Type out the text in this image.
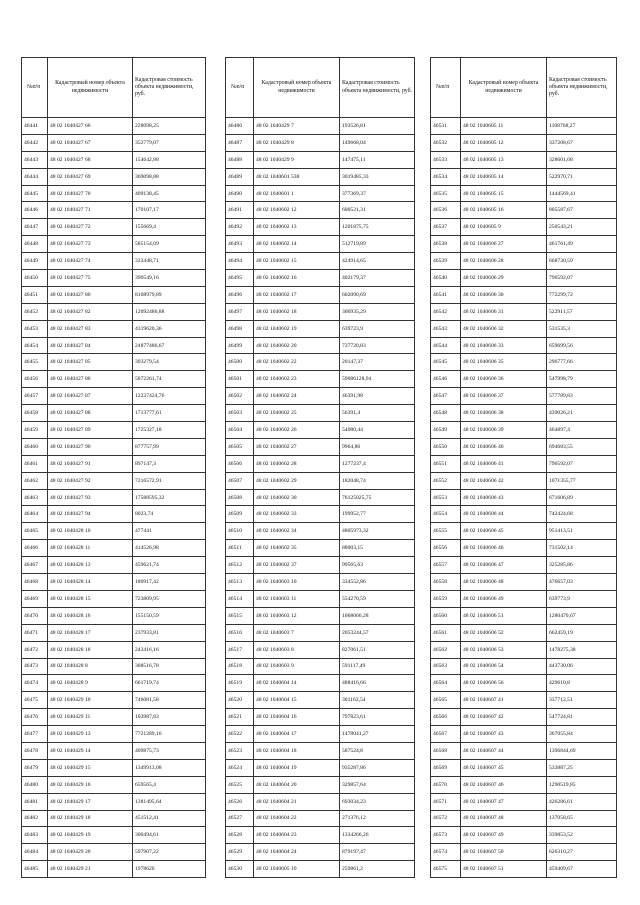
№п/п	Кадастровый номер объекта недвижимости	Кадастровая стоимость объекта недвижимости, руб.
46441	48 02 1040427 66	228098,25
46442	48 02 1040427 67	352779,07
46443	48 02 1040427 68	154642,88
46444	48 02 1040427 69	369098,88
46445	48 02 1040427 70	409138,45
46446	48 02 1040427 71	170107,17
46447	48 02 1040427 72	155669,4
46448	48 02 1040427 73	585154,09
46449	48 02 1040427 74	333448,71
46450	48 02 1040427 75	390549,16
46451	48 02 1040427 80	8108979,89
46452	48 02 1040427 82	12092486,88
46453	48 02 1040427 83	4319620,36
46454	48 02 1040427 84	24877486,67
46455	48 02 1040427 85	393279,54
46456	48 02 1040427 86	5872261,74
46457	48 02 1040427 87	12237424,76
46458	48 02 1040427 88	1713777,61
46459	48 02 1040427 89	1725327,18
46460	48 02 1040427 90	877757,99
46461	48 02 1040427 91	897147,3
46462	48 02 1040427 92	7216572,91
46463	48 02 1040427 93	17588595,32
46464	48 02 1040427 94	8023,74
46465	48 02 1040428 10	477441
46466	48 02 1040428 11	414526,98
46467	48 02 1040428 13	459621,74
46468	48 02 1040428 14	180917,42
46469	48 02 1040428 15	723809,95
46470	48 02 1040428 16	155150,59
46471	48 02 1040428 17	237933,81
46472	48 02 1040428 18	243416,16
46473	48 02 1040428 8	308516,78
46474	48 02 1040428 9	661719,74
46475	48 02 1040429 10	746081,58
46476	48 02 1040429 11	103987,83
46477	48 02 1040429 13	7721289,16
46478	48 02 1040429 14	409875,73
46479	48 02 1040429 15	1349913,08
46480	48 02 1040429 16	659565,4
46481	48 02 1040429 17	1381495,64
46482	48 02 1040429 18	451512,41
46483	48 02 1040429 19	300494,61
46484	48 02 1040429 20	597907,22
46485	48 02 1040429 21	1978620
№п/п	Кадастровый номер объекта недвижимости	Кадастровая стоимость объекта недвижимости, руб.
46486	48 02 1040429 7	193526,81
46487	48 02 1040429 8	149668,04
46488	48 02 1040429 9	147475,11
46489	48 02 1040601 538	3019485,33
46490	48 02 1040601 1	377369,37
46491	48 02 1040602 12	600521,31
46492	48 02 1040602 13	1201875,75
46493	48 02 1040602 14	512719,89
46494	48 02 1040602 15	424914,65
46495	48 02 1040602 16	402179,37
46496	48 02 1040602 17	602090,69
46497	48 02 1040602 18	306935,29
46498	48 02 1040602 19	639723,9
46499	48 02 1040602 20	737720,83
46500	48 02 1040602 22	20147,37
46501	48 02 1040602 23	59086128,94
46502	48 02 1040602 24	46391,98
46503	48 02 1040602 25	56391,4
46504	48 02 1040602 26	54080,44
46505	48 02 1040602 27	9964,86
46506	48 02 1040602 28	1277237,4
46507	48 02 1040602 29	182048,74
46508	48 02 1040602 30	76125025,75
46509	48 02 1040602 33	199952,77
46510	48 02 1040602 34	4805973,32
46511	48 02 1040602 35	88003,15
46512	48 02 1040602 37	99565,63
46513	48 02 1040603 10	334552,86
46514	48 02 1040603 11	554270,59
46515	48 02 1040603 12	1068066,28
46516	48 02 1040603 7	2053244,57
46517	48 02 1040603 8	827061,51
46518	48 02 1040603 9	591117,49
46519	48 02 1040604 14	488416,66
46520	48 02 1040604 15	301163,54
46521	48 02 1040604 16	797823,61
46522	48 02 1040604 17	1478041,27
46523	48 02 1040604 18	587524,8
46524	48 02 1040604 19	935287,86
46525	48 02 1040604 20	329857,64
46526	48 02 1040604 21	693034,23
46527	48 02 1040604 22	271376,12
46528	48 02 1040604 23	1334266,26
46529	48 02 1040604 24	879197,47
46530	48 02 1040605 10	259861,2
№п/п	Кадастровый номер объекта недвижимости	Кадастровая стоимость объекта недвижимости, руб.
46531	48 02 1040605 11	1108768,27
46532	48 02 1040605 12	337208,67
46533	48 02 1040605 13	328601,68
46534	48 02 1040605 14	522970,71
46535	48 02 1040605 15	1444569,41
46536	48 02 1040605 16	805587,67
46537	48 02 1040605 9	250543,21
46538	48 02 1040606 27	461761,49
46539	48 02 1040606 28	668730,59
46540	48 02 1040606 29	796592,07
46541	48 02 1040606 30	772299,72
46542	48 02 1040606 31	522911,57
46543	48 02 1040606 32	531535,3
46544	48 02 1040606 33	659699,56
46545	48 02 1040606 35	296777,66
46546	48 02 1040606 36	547998,79
46547	48 02 1040606 37	577789,83
46548	48 02 1040606 38	439026,21
46549	48 02 1040606 39	464897,4
46550	48 02 1040606 40	694683,55
46551	48 02 1040606 41	796592,07
46552	48 02 1040606 42	1071355,77
46553	48 02 1040606 43	671606,89
46554	48 02 1040606 44	742424,68
46555	48 02 1040606 45	951413,51
46556	48 02 1040606 46	731502,14
46557	48 02 1040606 47	325285,86
46558	48 02 1040606 48	476657,03
46559	48 02 1040606 49	639773,9
46560	48 02 1040606 51	1280470,67
46561	48 02 1040606 52	662459,19
46562	48 02 1040606 53	1478275,38
46563	48 02 1040606 54	443730,06
46564	48 02 1040606 56	429610,8
46565	48 02 1040607 41	337712,51
46566	48 02 1040607 42	547724,81
46567	48 02 1040607 43	367055,84
46568	48 02 1040607 44	1396844,69
46569	48 02 1040607 45	533887,25
46570	48 02 1040607 46	1290519,85
46571	48 02 1040607 47	426286,61
46572	48 02 1040607 48	137058,65
46573	48 02 1040607 49	339853,52
46574	48 02 1040607 50	626310,27
46575	48 02 1040607 51	459409,67
